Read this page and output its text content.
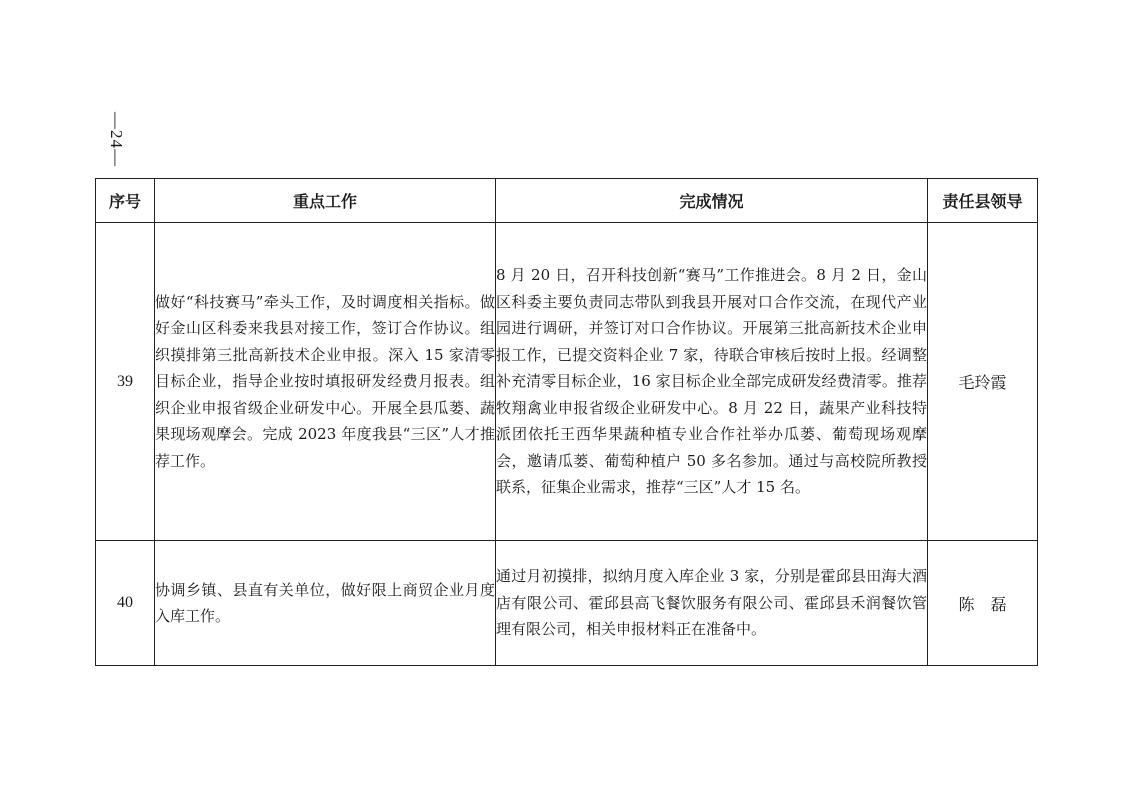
—24—
序号	重点工作	完成情况	责任县领导
39	做好“科技赛马”牵头工作，及时调度相关指标。做好金山区科委来我县对接工作，签订合作协议。组织摸排第三批高新技术企业申报。深入 15 家清零目标企业，指导企业按时填报研发经费月报表。组织企业申报省级企业研发中心。开展全县瓜蒌、蔬果现场观摩会。完成 2023 年度我县“三区”人才推荐工作。	8 月 20 日，召开科技创新“赛马”工作推进会。8 月 2 日，金山区科委主要负责同志带队到我县开展对口合作交流，在现代产业园进行调研，并签订对口合作协议。开展第三批高新技术企业申报工作，已提交资料企业 7 家，待联合审核后按时上报。经调整补充清零目标企业，16 家目标企业全部完成研发经费清零。推荐牧翔禽业申报省级企业研发中心。8 月 22 日，蔬果产业科技特派团依托王西华果蔬种植专业合作社举办瓜蒌、葡萄现场观摩会，邀请瓜蒌、葡萄种植户 50 多名参加。通过与高校院所教授联系，征集企业需求，推荐“三区”人才 15 名。	毛玲霞
40	协调乡镇、县直有关单位，做好限上商贸企业月度入库工作。	通过月初摸排，拟纳月度入库企业 3 家，分别是霍邱县田海大酒店有限公司、霍邱县高飞餐饮服务有限公司、霍邱县禾润餐饮管理有限公司，相关申报材料正在准备中。	陈　磊
